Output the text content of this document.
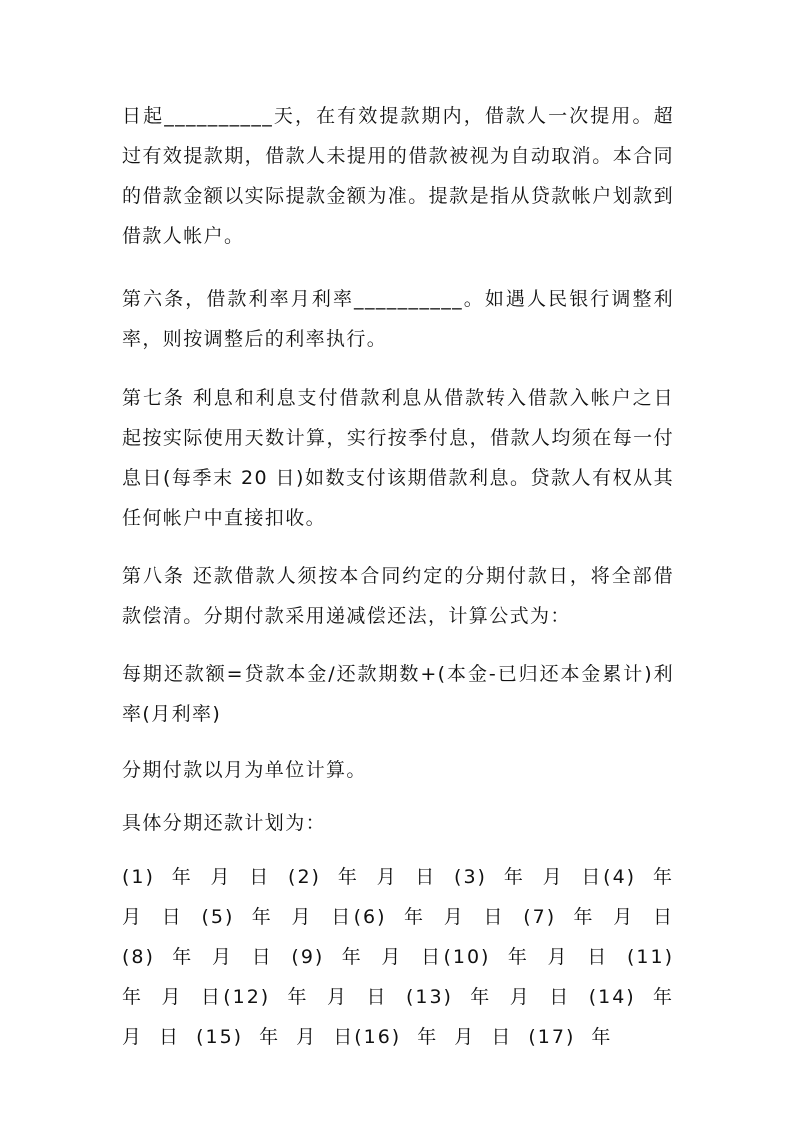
日起__________天，在有效提款期内，借款人一次提用。超过有效提款期，借款人未提用的借款被视为自动取消。本合同的借款金额以实际提款金额为准。提款是指从贷款帐户划款到借款人帐户。

第六条，借款利率月利率__________。如遇人民银行调整利率，则按调整后的利率执行。

第七条 利息和利息支付借款利息从借款转入借款入帐户之日起按实际使用天数计算，实行按季付息，借款人均须在每一付息日(每季末 20 日)如数支付该期借款利息。贷款人有权从其任何帐户中直接扣收。

第八条 还款借款人须按本合同约定的分期付款日，将全部借款偿清。分期付款采用递减偿还法，计算公式为：

每期还款额=贷款本金/还款期数+(本金-已归还本金累计)利率(月利率)

分期付款以月为单位计算。

具体分期还款计划为：

(1) 年 月 日 (2) 年 月 日 (3) 年 月 日(4) 年 月 日 (5) 年 月 日(6) 年 月 日 (7) 年 月 日 (8) 年 月 日 (9) 年 月 日(10) 年 月 日 (11) 年 月 日(12) 年 月 日 (13) 年 月 日 (14) 年 月 日 (15) 年 月 日(16) 年 月 日 (17) 年
